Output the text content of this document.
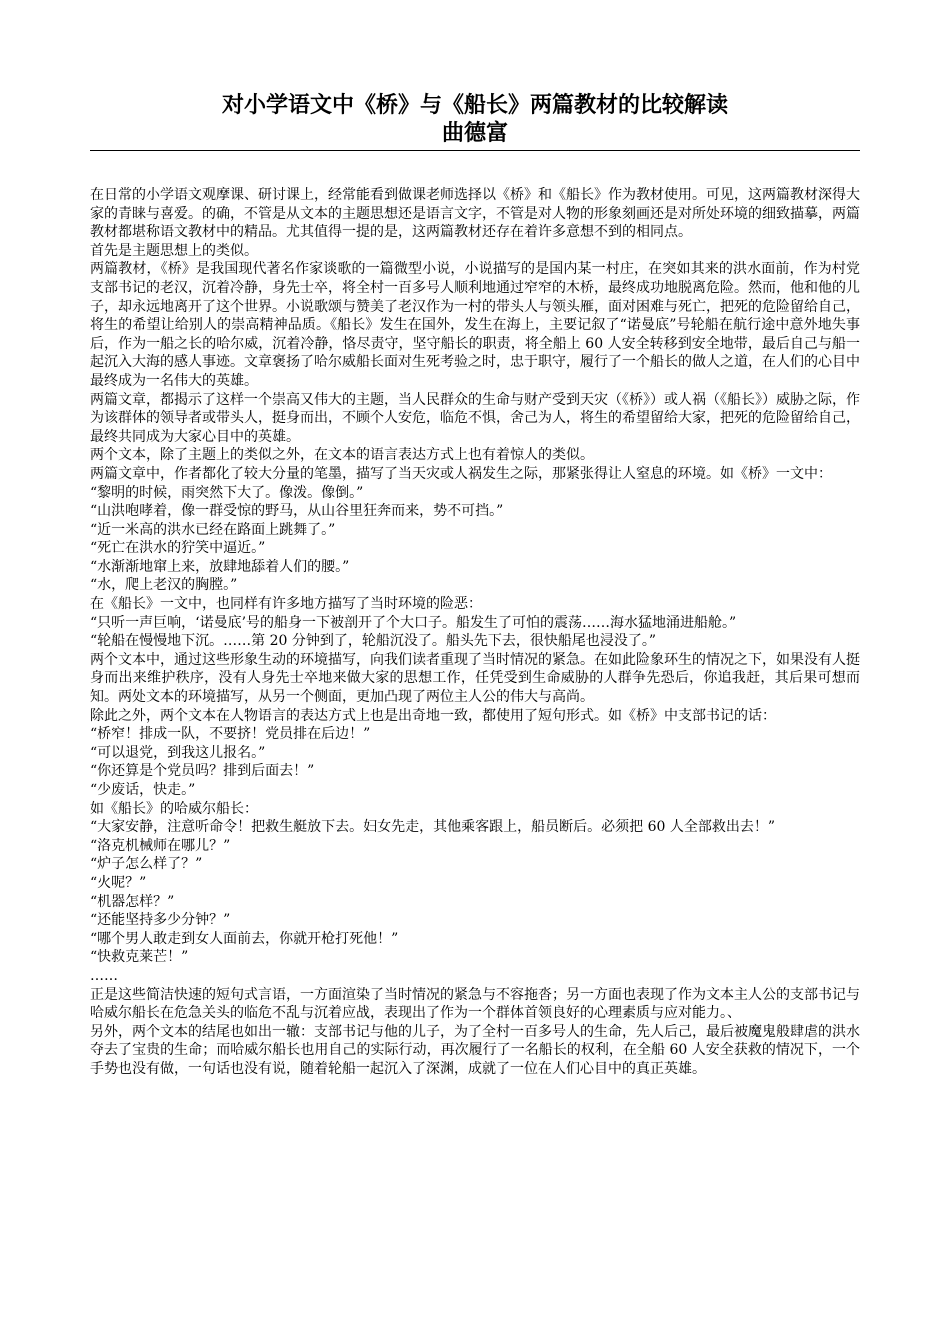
对小学语文中《桥》与《船长》两篇教材的比较解读

曲德富

在日常的小学语文观摩课、研讨课上，经常能看到做课老师选择以《桥》和《船长》作为教材使用。可见，这两篇教材深得大家的青睐与喜爱。的确，不管是从文本的主题思想还是语言文字，不管是对人物的形象刻画还是对所处环境的细致描摹，两篇教材都堪称语文教材中的精品。尤其值得一提的是，这两篇教材还存在着许多意想不到的相同点。

首先是主题思想上的类似。

两篇教材，《桥》是我国现代著名作家谈歌的一篇微型小说，小说描写的是国内某一村庄，在突如其来的洪水面前，作为村党支部书记的老汉，沉着冷静，身先士卒，将全村一百多号人顺利地通过窄窄的木桥，最终成功地脱离危险。然而，他和他的儿子，却永远地离开了这个世界。小说歌颂与赞美了老汉作为一村的带头人与领头雁，面对困难与死亡，把死的危险留给自己，将生的希望让给别人的崇高精神品质。《船长》发生在国外，发生在海上，主要记叙了“诺曼底”号轮船在航行途中意外地失事后，作为一船之长的哈尔威，沉着冷静，恪尽责守，坚守船长的职责，将全船上 60 人安全转移到安全地带，最后自己与船一起沉入大海的感人事迹。文章褒扬了哈尔威船长面对生死考验之时，忠于职守，履行了一个船长的做人之道，在人们的心目中最终成为一名伟大的英雄。

两篇文章，都揭示了这样一个崇高又伟大的主题，当人民群众的生命与财产受到天灾（《桥》）或人祸（《船长》）威胁之际，作为该群体的领导者或带头人，挺身而出，不顾个人安危，临危不惧，舍己为人，将生的希望留给大家，把死的危险留给自己，最终共同成为大家心目中的英雄。

两个文本，除了主题上的类似之外，在文本的语言表达方式上也有着惊人的类似。

两篇文章中，作者都化了较大分量的笔墨，描写了当天灾或人祸发生之际，那紧张得让人窒息的环境。如《桥》一文中：

“黎明的时候，雨突然下大了。像泼。像倒。”

“山洪咆哮着，像一群受惊的野马，从山谷里狂奔而来，势不可挡。”

“近一米高的洪水已经在路面上跳舞了。”

“死亡在洪水的狞笑中逼近。”

“水渐渐地窜上来，放肆地舔着人们的腰。”

“水，爬上老汉的胸膛。”

在《船长》一文中，也同样有许多地方描写了当时环境的险恶：

“只听一声巨响，‘诺曼底’号的船身一下被剖开了个大口子。船发生了可怕的震荡……海水猛地涌进船舱。”

“轮船在慢慢地下沉。……第 20 分钟到了，轮船沉没了。船头先下去，很快船尾也浸没了。”

两个文本中，通过这些形象生动的环境描写，向我们读者重现了当时情况的紧急。在如此险象环生的情况之下，如果没有人挺身而出来维护秩序，没有人身先士卒地来做大家的思想工作，任凭受到生命威胁的人群争先恐后，你追我赶，其后果可想而知。两处文本的环境描写，从另一个侧面，更加凸现了两位主人公的伟大与高尚。

除此之外，两个文本在人物语言的表达方式上也是出奇地一致，都使用了短句形式。如《桥》中支部书记的话：

“桥窄！排成一队，不要挤！党员排在后边！”

“可以退党，到我这儿报名。”

“你还算是个党员吗？排到后面去！”

“少废话，快走。”

如《船长》的哈威尔船长：

“大家安静，注意听命令！把救生艇放下去。妇女先走，其他乘客跟上，船员断后。必须把 60 人全部救出去！”

“洛克机械师在哪儿？”

“炉子怎么样了？”

“火呢？”

“机器怎样？”

“还能坚持多少分钟？”

“哪个男人敢走到女人面前去，你就开枪打死他！”

“快救克莱芒！”

……

正是这些简洁快速的短句式言语，一方面渲染了当时情况的紧急与不容拖沓；另一方面也表现了作为文本主人公的支部书记与哈威尔船长在危急关头的临危不乱与沉着应战，表现出了作为一个群体首领良好的心理素质与应对能力。、

另外，两个文本的结尾也如出一辙：支部书记与他的儿子，为了全村一百多号人的生命，先人后己，最后被魔鬼般肆虐的洪水夺去了宝贵的生命；而哈威尔船长也用自己的实际行动，再次履行了一名船长的权利，在全船 60 人安全获救的情况下，一个手势也没有做，一句话也没有说，随着轮船一起沉入了深渊，成就了一位在人们心目中的真正英雄。
